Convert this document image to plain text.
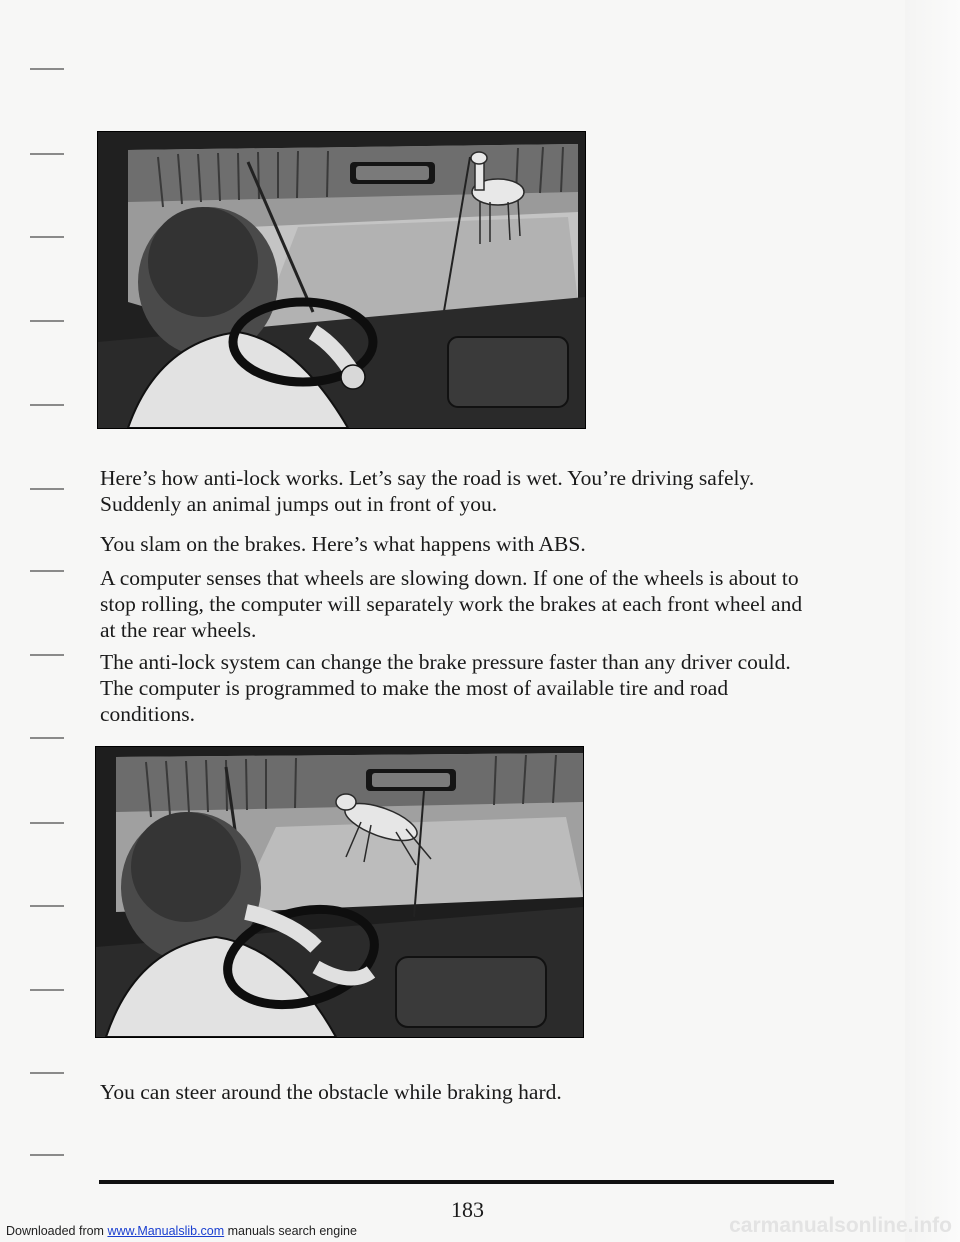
Here’s how anti-lock works. Let’s say the road is wet. You’re driving safely. Suddenly an animal jumps out in front of you.

You slam on the brakes. Here’s what happens with ABS.

A computer senses that wheels are slowing down. If one of the wheels is about to stop rolling, the computer will separately work the brakes at each front wheel and at the rear wheels.

The anti-lock system can change the brake pressure faster than any driver could. The computer is programmed to make the most of available tire and road conditions.

You can steer around the obstacle while braking hard.

183
carmanualsonline.info
Downloaded from www.Manualslib.com manuals search engine
